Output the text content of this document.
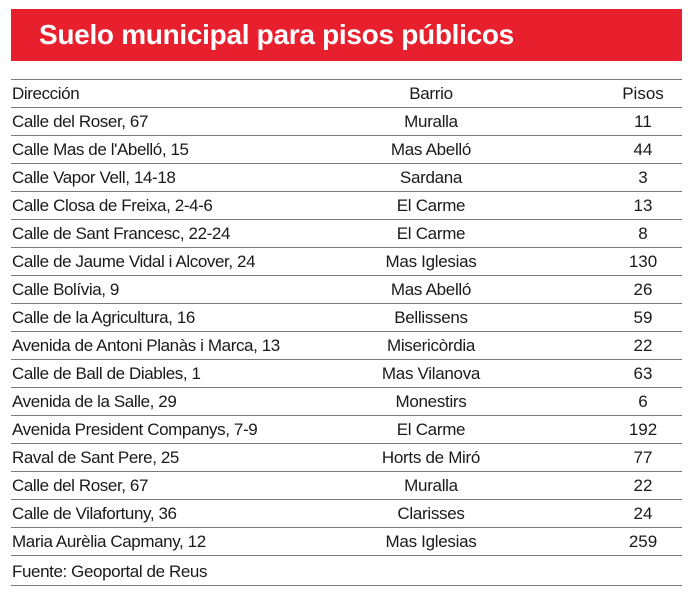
Suelo municipal para pisos públicos
Dirección	Barrio	Pisos
Calle del Roser, 67	Muralla	11
Calle Mas de l'Abelló, 15	Mas Abelló	44
Calle Vapor Vell, 14-18	Sardana	3
Calle Closa de Freixa, 2-4-6	El Carme	13
Calle de Sant Francesc, 22-24	El Carme	8
Calle de Jaume Vidal i Alcover, 24	Mas Iglesias	130
Calle Bolívia, 9	Mas Abelló	26
Calle de la Agricultura, 16	Bellissens	59
Avenida de Antoni Planàs i Marca, 13	Misericòrdia	22
Calle de Ball de Diables, 1	Mas Vilanova	63
Avenida de la Salle, 29	Monestirs	6
Avenida President Companys, 7-9	El Carme	192
Raval de Sant Pere, 25	Horts de Miró	77
Calle del Roser, 67	Muralla	22
Calle de Vilafortuny, 36	Clarisses	24
Maria Aurèlia Capmany, 12	Mas Iglesias	259
Fuente: Geoportal de Reus
